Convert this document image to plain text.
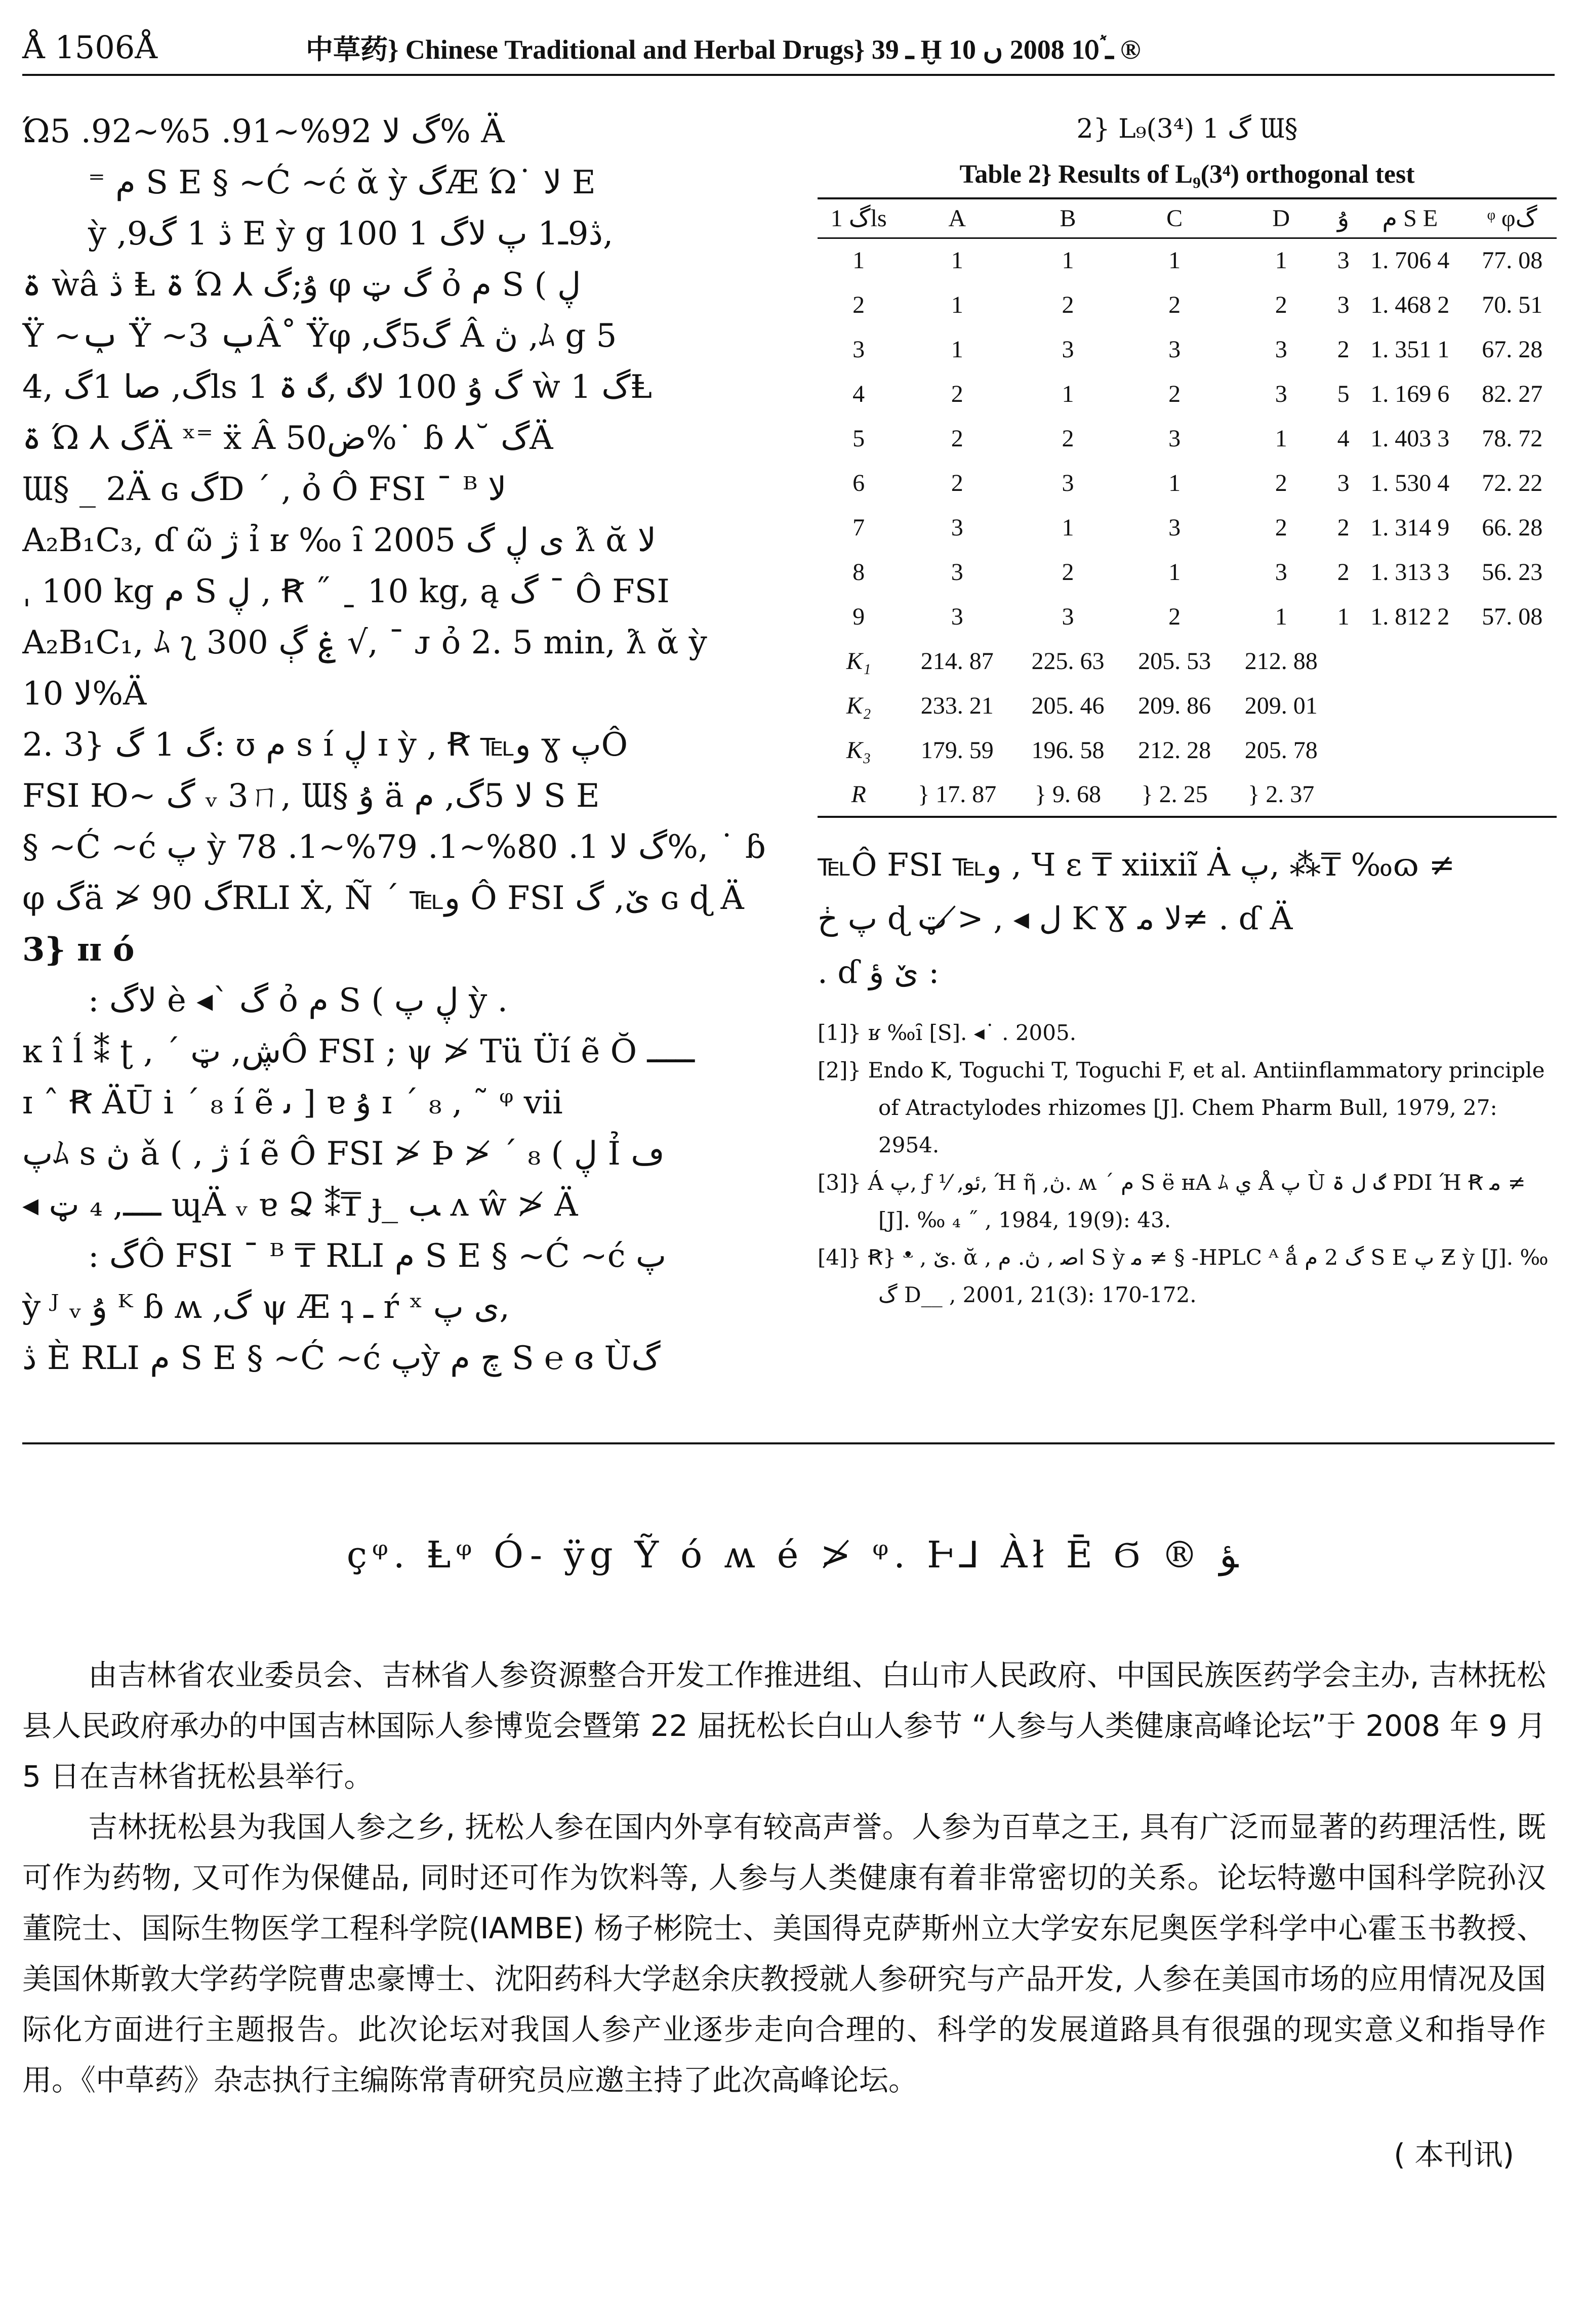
Å 1506Å	中草药} Chinese Traditional and Herbal Drugs} ـ 39 Ḫ ـ 10ٞ 2008 ں 10 ®

Ώگ ﻻ 92%~91. 5%~92. 5% Ä

⁼ م S E § ~Ć ~ć ᾰ ỳ گÆ Ώ˙ ﻻ E

ỳ ,9ڎ 1 گ E ỳ g ڎ9ـ1 پ ﻻگ 1 100,

ۃ ẁâ ڎ Ⱡ ۃ Ώ ⅄ ﯗ;گ φ گ ټ ỏ م S ( ڸ

Ÿ ~ݕ Ÿ ~ݕ 3Â˚ Ÿφ ,گ5گ Â ڽ ,ﾑ g 5

گ, صا 1گ ,4ls 1 گ ﯗ 100 ﻻگ ,گ ۃ ẁ 1 گⱠ

ۃ Ώ ⅄ گÄ ˣ⁼ ẍ Â ض50%˙ ɓ ⅄˘ گÄ

Ɯ§ _ 2Ä ɢ گD ´ , ỏ Ô FSI ¯ ᴮ ﻻ

A₂B₁C₃, ɗ ῶ ژ ỉ ʁ ‰ ȋ 2005 ی ڸ گ ƛ ᾰ ﻻ

ˌ 100 kg م S ڸ , Ꞧ ˝ ˍ 10 kg, ą گ ¯ Ô FSI

A₂B₁C₁, ﾑ ʅ ۼ ڳ 300 √, ˉ ᴊ ỏ 2. 5 min, ƛ ᾰ ỳ

ﻻ 10%Ä

2. 3} گ 1 گ: ʊ م s í ڸ ɪ ỳ , Ꞧ ℡و ɣ پÔ

FSI Ю~ گ ᵥ 3ㄇ, Ɯ§ ﯗ ä ﻻ 5گ, م S E

§ ~Ć ~ć پ ỳ گ ﻻ 1. 80%~1. 79%~1. 78%, ˙ ɓ

φ گä ≯ 90 گRLI Ẋ, Ñ ´ ℡و Ô FSI ێ, گ ɢ ɖ Ä

3} ɪɪ ó

: ﻻگ è ◂` گ ỏ م S ( ڸ پ ỳ .

ĸ î ĺ ⁑ ʈ , ˊ ڜ, ټÔ FSI ; ψ ≯ Tü Üí ẽ Ŏ ـــــ

ɪ ˆ Ꞧ ÄŪ i ´ ₈ í ẽ ﯨ ] ɐ ﯗ ɪ ˊ ₈ , ˜ ᵠ vii

پﾑ s ڽ ǎ ( , ژ í ẽ Ô FSI ≯ Þ ≯ ˊ ₈ ( ڸ Ỉ ڡ

◂ ــــ, ₄ ټ ɰÄ ᵥ ɐ Ձ ⁑₸ ɟ_ ﺐ ʌ ŵ ≯ Ä

: گÔ FSI ¯ ᴮ ₸ RLI م S E § ~Ć ~ć پ

ỳ ᴶ ᵥ ﯗ ᴷ ɓ ʍ ,گ ψ Æ ʇ ـ ŕ ˣ ﯼ پ,

ڎ È RLI م S E § ~Ć ~ć پỳ چ م S ℮ ɞ Ùگ

2} L₉(3⁴) 1 گ Ɯ§
Table 2} Results of L₉(3⁴) orthogonal test
1 گls	A	B	C	D	ﯗ	م S E	ᵠ φگ
1	1	1	1	1	3	1. 706 4	77. 08
2	1	2	2	2	3	1. 468 2	70. 51
3	1	3	3	3	2	1. 351 1	67. 28
4	2	1	2	3	5	1. 169 6	82. 27
5	2	2	3	1	4	1. 403 3	78. 72
6	2	3	1	2	3	1. 530 4	72. 22
7	3	1	3	2	2	1. 314 9	66. 28
8	3	2	1	3	2	1. 313 3	56. 23
9	3	3	2	1	1	1. 812 2	57. 08
K₁	214. 87	225. 63	205. 53	212. 88			
K₂	233. 21	205. 46	209. 86	209. 01			
K₃	179. 59	196. 58	212. 28	205. 78			
R	} 17. 87	} 9. 68	} 2. 25	} 2. 37			

℡Ô FSI ℡و , Ч ɛ ₸ xiixiĩ Ȧ پ, ⁂₸ ‰ɷ ≠

پ ڂ ɖ ﻝ ◂ , ≯ ټ Ƙ Ɣ ﻻ ﻣ≠ . ɗ Ä

. ɗ ێ ﺅ :

[1]} ʁ ‰ȋ [S]. ◂˙ . 2005.
[2]} Endo K, Toguchi T, Toguchi F, et al. Antiinflammatory principle of Atractylodes rhizomes [J]. Chem Pharm Bull, 1979, 27: 2954.
[3]} Á پ, ƒ ⅟ ,ﺋﻮ, Ή ῆ ,ڽ. ʍ ´ م S ë ʜA ﾑ ي Å پ Ù گ ﻝ ۃ PDI Ή Ꞧ ﻣ ≠ [J]. ‰ ₄ ˝ , 1984, 19(9): 43.
[4]} Ꞧ} ᵜ , ێ. ᾰ , ﺍﺻ , ڽ. م S ỳ ﻣ ≠ § -HPLC ᴬ ǻ گ 2 م S E پ Ƶ ỳ [J]. ‰ گ D__ , 2001, 21(3): 170-172.
çᵠ. Ⱡᵠ Ó- ÿg Ỹ ó ʍ é ≯ ᵠ. Ͱ⅃ Àł Ē Ϭ ® ﺆ

由吉林省农业委员会、吉林省人参资源整合开发工作推进组、白山市人民政府、中国民族医药学会主办, 吉林抚松县人民政府承办的中国吉林国际人参博览会暨第 22 届抚松长白山人参节 “人参与人类健康高峰论坛”于 2008 年 9 月 5 日在吉林省抚松县举行。

吉林抚松县为我国人参之乡, 抚松人参在国内外享有较高声誉。人参为百草之王, 具有广泛而显著的药理活性, 既可作为药物, 又可作为保健品, 同时还可作为饮料等, 人参与人类健康有着非常密切的关系。论坛特邀中国科学院孙汉董院士、国际生物医学工程科学院(IAMBE) 杨子彬院士、美国得克萨斯州立大学安东尼奥医学科学中心霍玉书教授、美国休斯敦大学药学院曹忠豪博士、沈阳药科大学赵余庆教授就人参研究与产品开发, 人参在美国市场的应用情况及国际化方面进行主题报告。此次论坛对我国人参产业逐步走向合理的、科学的发展道路具有很强的现实意义和指导作用。《中草药》杂志执行主编陈常青研究员应邀主持了此次高峰论坛。

( 本刊讯)
